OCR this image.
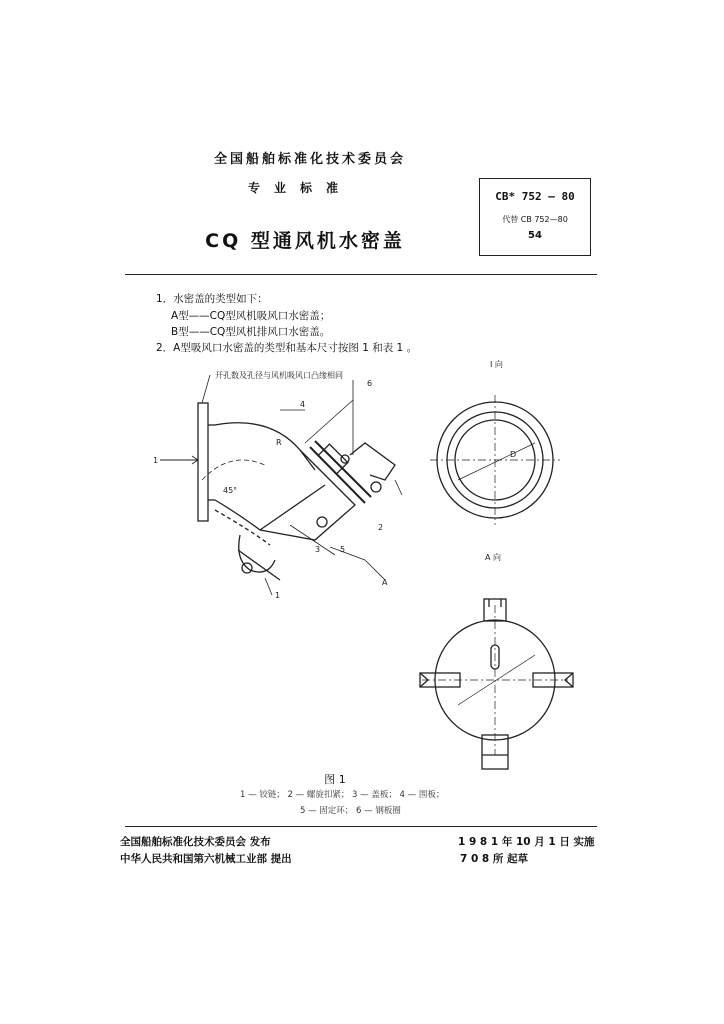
全国船舶标准化技术委员会
专业标准
CQ 型通风机水密盖
CB* 752 — 80
代替 CB 752—80
54
1．水密盖的类型如下：
A型——CQ型风机吸风口水密盖；
B型——CQ型风机排风口水密盖。
2．A型吸风口水密盖的类型和基本尺寸按图 1 和表 1 。
开孔数及孔径与风机吸风口凸缘相同
1
4
6
2
3 5
1
45°
A
R
I 向
A 向
D
图 1
1 — 铰链； 2 — 螺旋扣紧； 3 — 盖板； 4 — 围板；
5 — 固定环； 6 — 钢板圈
全国船舶标准化技术委员会 发布
中华人民共和国第六机械工业部 提出
1 9 8 1 年 10 月 1 日 实施
7 0 8 所 起草
